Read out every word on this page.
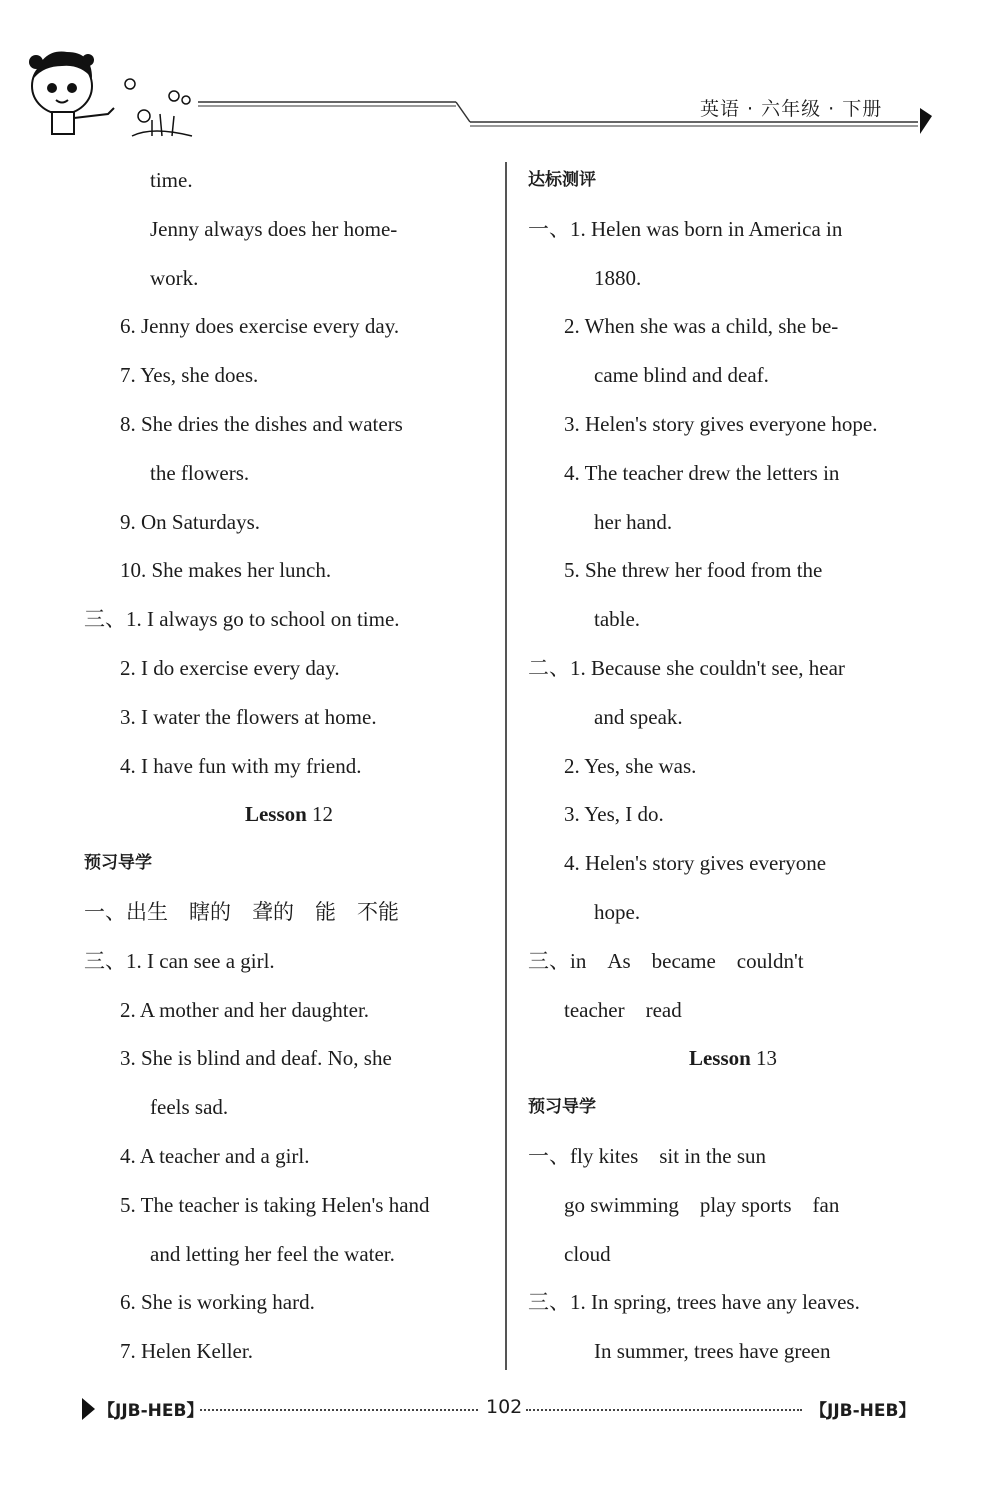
英语 · 六年级 · 下册
time.
Jenny always does her home-
work.
6. Jenny does exercise every day.
7. Yes, she does.
8. She dries the dishes and waters
the flowers.
9. On Saturdays.
10. She makes her lunch.
三、1. I always go to school on time.
2. I do exercise every day.
3. I water the flowers at home.
4. I have fun with my friend.
Lesson 12
预习导学
一、出生　瞎的　聋的　能　不能
三、1. I can see a girl.
2. A mother and her daughter.
3. She is blind and deaf. No, she
feels sad.
4. A teacher and a girl.
5. The teacher is taking Helen's hand
and letting her feel the water.
6. She is working hard.
7. Helen Keller.
达标测评
一、1. Helen was born in America in
1880.
2. When she was a child, she be-
came blind and deaf.
3. Helen's story gives everyone hope.
4. The teacher drew the letters in
her hand.
5. She threw her food from the
table.
二、1. Because she couldn't see, hear
and speak.
2. Yes, she was.
3. Yes, I do.
4. Helen's story gives everyone
hope.
三、in　As　became　couldn't
teacher　read
Lesson 13
预习导学
一、fly kites　sit in the sun
go swimming　play sports　fan
cloud
三、1. In spring, trees have any leaves.
In summer, trees have green
【JJB-HEB】	102	【JJB-HEB】
